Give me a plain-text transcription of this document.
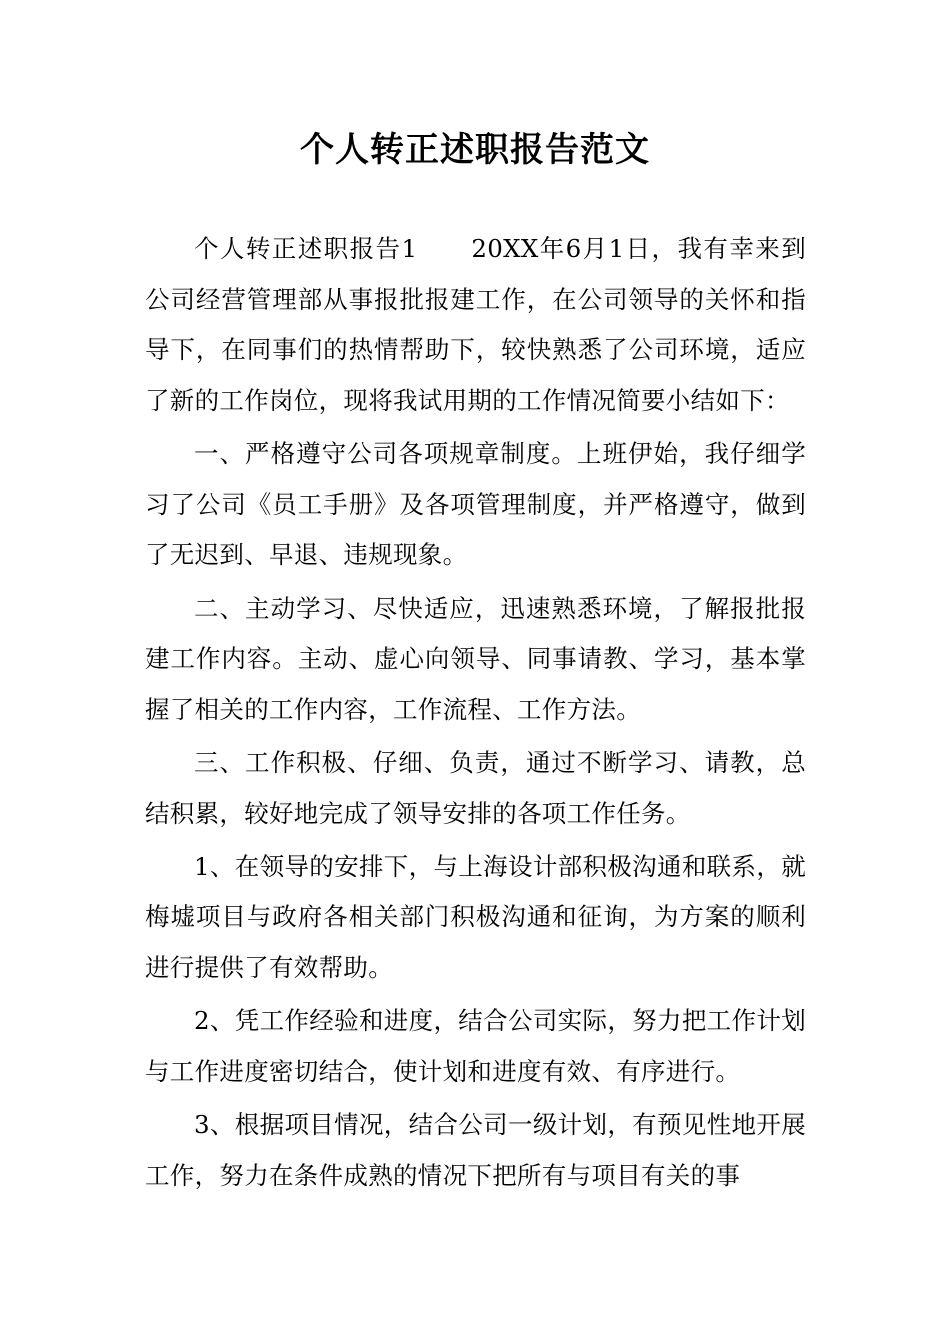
个人转正述职报告范文

个人转正述职报告1 20XX年6月1日，我有幸来到公司经营管理部从事报批报建工作，在公司领导的关怀和指导下，在同事们的热情帮助下，较快熟悉了公司环境，适应了新的工作岗位，现将我试用期的工作情况简要小结如下：

一、严格遵守公司各项规章制度。上班伊始，我仔细学习了公司《员工手册》及各项管理制度，并严格遵守，做到了无迟到、早退、违规现象。

二、主动学习、尽快适应，迅速熟悉环境，了解报批报建工作内容。主动、虚心向领导、同事请教、学习，基本掌握了相关的工作内容，工作流程、工作方法。

三、工作积极、仔细、负责，通过不断学习、请教，总结积累，较好地完成了领导安排的各项工作任务。

1、在领导的安排下，与上海设计部积极沟通和联系，就梅墟项目与政府各相关部门积极沟通和征询，为方案的顺利进行提供了有效帮助。

2、凭工作经验和进度，结合公司实际，努力把工作计划与工作进度密切结合，使计划和进度有效、有序进行。

3、根据项目情况，结合公司一级计划，有预见性地开展工作，努力在条件成熟的情况下把所有与项目有关的事
